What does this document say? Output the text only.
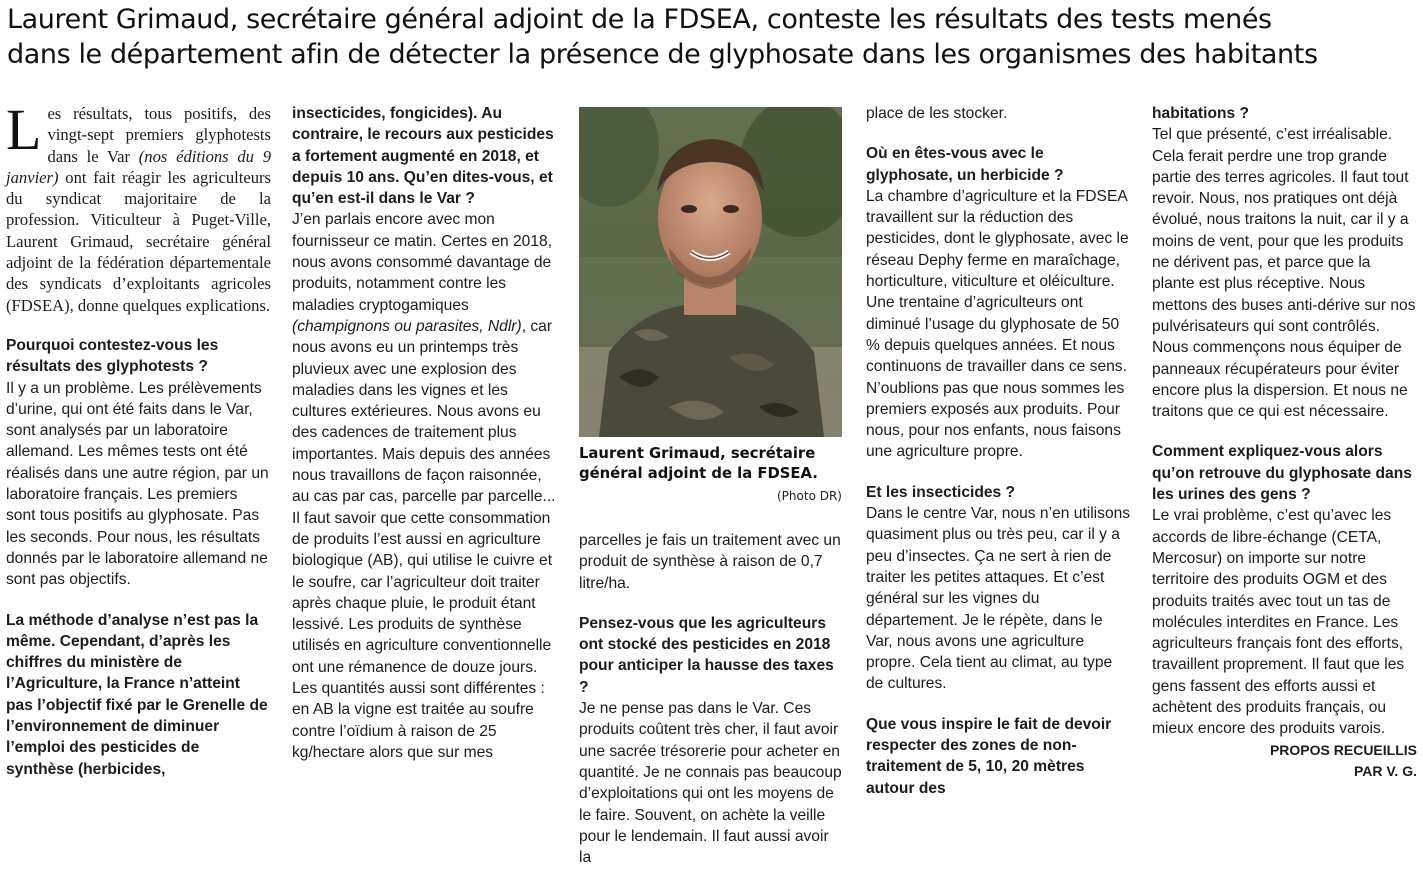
Laurent Grimaud, secrétaire général adjoint de la FDSEA, conteste les résultats des tests menés
dans le département afin de détecter la présence de glyphosate dans les organismes des habitants

Les résultats, tous positifs, des vingt-sept premiers glyphotests dans le Var (nos éditions du 9 janvier) ont fait réagir les agriculteurs du syndicat majoritaire de la profession. Viticulteur à Puget-Ville, Laurent Grimaud, secrétaire général adjoint de la fédération départementale des syndicats d’exploitants agricoles (FDSEA), donne quelques explications.

Pourquoi contestez-vous les résultats des glyphotests ?

Il y a un problème. Les prélèvements d’urine, qui ont été faits dans le Var, sont analysés par un laboratoire allemand. Les mêmes tests ont été réalisés dans une autre région, par un laboratoire français. Les premiers sont tous positifs au glyphosate. Pas les seconds. Pour nous, les résultats donnés par le laboratoire allemand ne sont pas objectifs.

La méthode d’analyse n’est pas la même. Cependant, d’après les chiffres du ministère de l’Agriculture, la France n’atteint pas l’objectif fixé par le Grenelle de l’environnement de diminuer l’emploi des pesticides de synthèse (herbicides,

insecticides, fongicides). Au contraire, le recours aux pesticides a fortement augmenté en 2018, et depuis 10 ans. Qu’en dites-vous, et qu’en est-il dans le Var ?

J’en parlais encore avec mon fournisseur ce matin. Certes en 2018, nous avons consommé davantage de produits, notamment contre les maladies cryptogamiques (champignons ou parasites, Ndlr), car nous avons eu un printemps très pluvieux avec une explosion des maladies dans les vignes et les cultures extérieures. Nous avons eu des cadences de traitement plus importantes. Mais depuis des années nous travaillons de façon raisonnée, au cas par cas, parcelle par parcelle... Il faut savoir que cette consommation de produits l’est aussi en agriculture biologique (AB), qui utilise le cuivre et le soufre, car l’agriculteur doit traiter après chaque pluie, le produit étant lessivé. Les produits de synthèse utilisés en agriculture conventionnelle ont une rémanence de douze jours. Les quantités aussi sont différentes : en AB la vigne est traitée au soufre contre l’oïdium à raison de 25 kg/hectare alors que sur mes

Laurent Grimaud, secrétaire général adjoint de la FDSEA.
(Photo DR)

parcelles je fais un traitement avec un produit de synthèse à raison de 0,7 litre/ha.

Pensez-vous que les agriculteurs ont stocké des pesticides en 2018 pour anticiper la hausse des taxes ?

Je ne pense pas dans le Var. Ces produits coûtent très cher, il faut avoir une sacrée trésorerie pour acheter en quantité. Je ne connais pas beaucoup d’exploitations qui ont les moyens de le faire. Souvent, on achète la veille pour le lendemain. Il faut aussi avoir la

place de les stocker.

Où en êtes-vous avec le glyphosate, un herbicide ?

La chambre d’agriculture et la FDSEA travaillent sur la réduction des pesticides, dont le glyphosate, avec le réseau Dephy ferme en maraîchage, horticulture, viticulture et oléiculture. Une trentaine d’agriculteurs ont diminué l’usage du glyphosate de 50 % depuis quelques années. Et nous continuons de travailler dans ce sens. N’oublions pas que nous sommes les premiers exposés aux produits. Pour nous, pour nos enfants, nous faisons une agriculture propre.

Et les insecticides ?

Dans le centre Var, nous n’en utilisons quasiment plus ou très peu, car il y a peu d’insectes. Ça ne sert à rien de traiter les petites attaques. Et c’est général sur les vignes du département. Je le répète, dans le Var, nous avons une agriculture propre. Cela tient au climat, au type de cultures.

Que vous inspire le fait de devoir respecter des zones de non-traitement de 5, 10, 20 mètres autour des

habitations ?

Tel que présenté, c’est irréalisable. Cela ferait perdre une trop grande partie des terres agricoles. Il faut tout revoir. Nous, nos pratiques ont déjà évolué, nous traitons la nuit, car il y a moins de vent, pour que les produits ne dérivent pas, et parce que la plante est plus réceptive. Nous mettons des buses anti-dérive sur nos pulvérisateurs qui sont contrôlés. Nous commençons nous équiper de panneaux récupérateurs pour éviter encore plus la dispersion. Et nous ne traitons que ce qui est nécessaire.

Comment expliquez-vous alors qu’on retrouve du glyphosate dans les urines des gens ?

Le vrai problème, c’est qu’avec les accords de libre-échange (CETA, Mercosur) on importe sur notre territoire des produits OGM et des produits traités avec tout un tas de molécules interdites en France. Les agriculteurs français font des efforts, travaillent proprement. Il faut que les gens fassent des efforts aussi et achètent des produits français, ou mieux encore des produits varois.

PROPOS RECUEILLIS
PAR V. G.
